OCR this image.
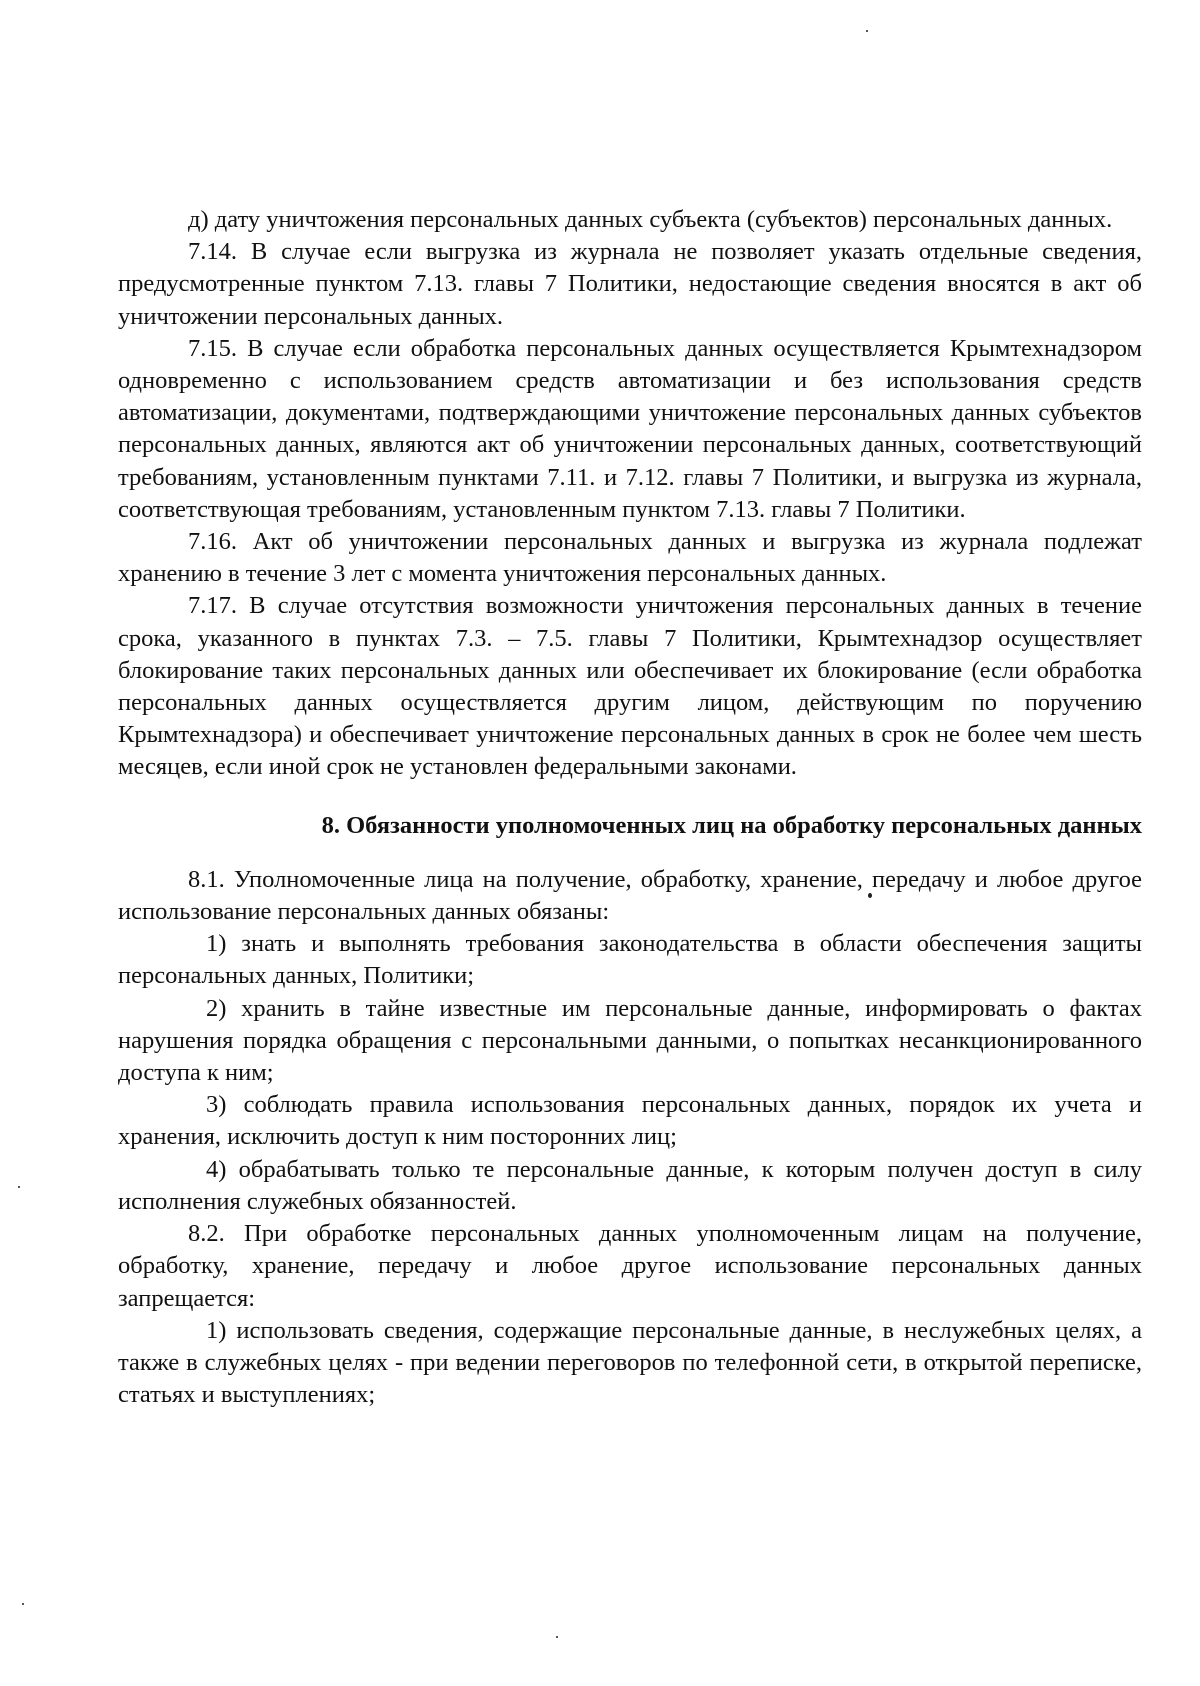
д) дату уничтожения персональных данных субъекта (субъектов) персональных данных.

7.14. В случае если выгрузка из журнала не позволяет указать отдельные сведения, предусмотренные пунктом 7.13. главы 7 Политики, недостающие сведения вносятся в акт об уничтожении персональных данных.

7.15. В случае если обработка персональных данных осуществляется Крымтехнадзором одновременно с использованием средств автоматизации и без использования средств автоматизации, документами, подтверждающими уничтожение персональных данных субъектов персональных данных, являются акт об уничтожении персональных данных, соответствующий требованиям, установленным пунктами 7.11. и 7.12. главы 7 Политики, и выгрузка из журнала, соответствующая требованиям, установленным пунктом 7.13. главы 7 Политики.

7.16. Акт об уничтожении персональных данных и выгрузка из журнала подлежат хранению в течение 3 лет с момента уничтожения персональных данных.

7.17. В случае отсутствия возможности уничтожения персональных данных в течение срока, указанного в пунктах 7.3. – 7.5. главы 7 Политики, Крымтехнадзор осуществляет блокирование таких персональных данных или обеспечивает их блокирование (если обработка персональных данных осуществляется другим лицом, действующим по поручению Крымтехнадзора) и обеспечивает уничтожение персональных данных в срок не более чем шесть месяцев, если иной срок не установлен федеральными законами.

8. Обязанности уполномоченных лиц на обработку персональных данных

8.1. Уполномоченные лица на получение, обработку, хранение, передачу и любое другое использование персональных данных обязаны:

1) знать и выполнять требования законодательства в области обеспечения защиты персональных данных, Политики;

2) хранить в тайне известные им персональные данные, информировать о фактах нарушения порядка обращения с персональными данными, о попытках несанкционированного доступа к ним;

3) соблюдать правила использования персональных данных, порядок их учета и хранения, исключить доступ к ним посторонних лиц;

4) обрабатывать только те персональные данные, к которым получен доступ в силу исполнения служебных обязанностей.

8.2. При обработке персональных данных уполномоченным лицам на получение, обработку, хранение, передачу и любое другое использование персональных данных запрещается:

1) использовать сведения, содержащие персональные данные, в неслужебных целях, а также в служебных целях - при ведении переговоров по телефонной сети, в открытой переписке, статьях и выступлениях;
